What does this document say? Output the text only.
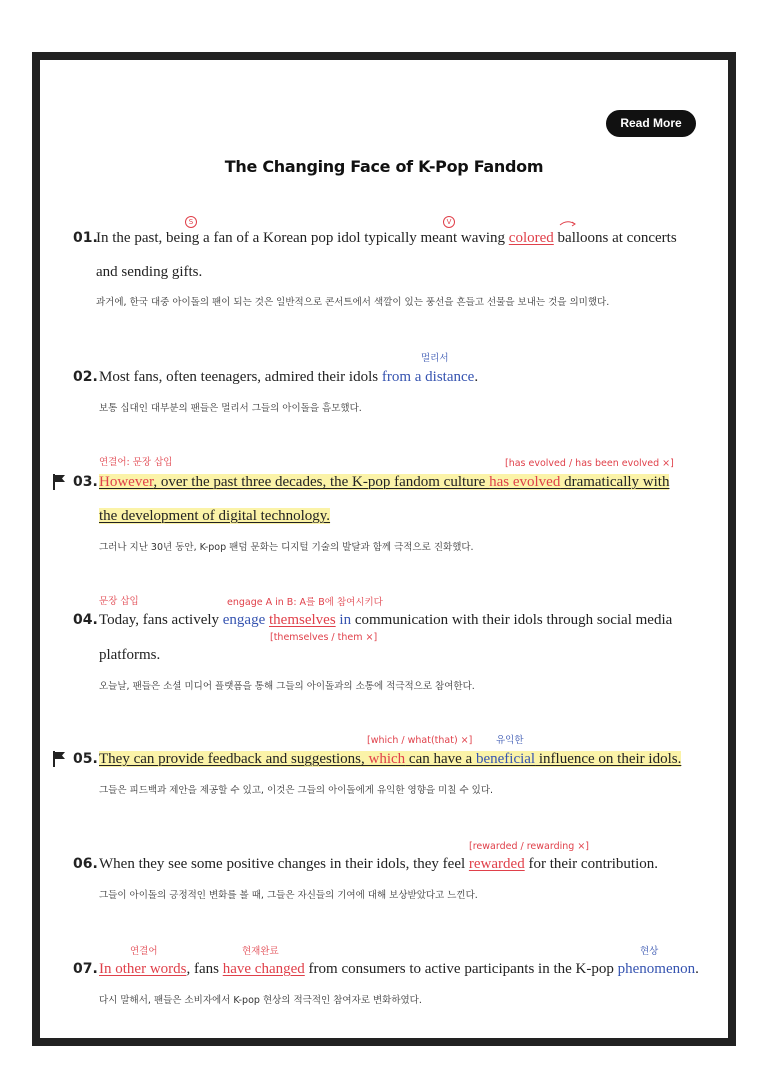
Read More
The Changing Face of K-Pop Fandom
S	V
01.
In the past, being a fan of a Korean pop idol typically meant waving colored balloons at concerts
and sending gifts.
과거에, 한국 대중 아이돌의 팬이 되는 것은 일반적으로 콘서트에서 색깔이 있는 풍선을 흔들고 선물을 보내는 것을 의미했다.
멀리서
02. Most fans, often teenagers, admired their idols from a distance.
보통 십대인 대부분의 팬들은 멀리서 그들의 아이돌을 흠모했다.
연결어: 문장 삽입	[has evolved / has been evolved ×]
03. However, over the past three decades, the K-pop fandom culture has evolved dramatically with
the development of digital technology.
그러나 지난 30년 동안, K-pop 팬덤 문화는 디지털 기술의 발달과 함께 극적으로 진화했다.
문장 삽입	engage A in B: A를 B에 참여시키다
04. Today, fans actively engage themselves in communication with their idols through social media
[themselves / them ×]
platforms.
오늘날, 팬들은 소셜 미디어 플랫폼을 통해 그들의 아이돌과의 소통에 적극적으로 참여한다.
[which / what(that) ×] 유익한
05. They can provide feedback and suggestions, which can have a beneficial influence on their idols.
그들은 피드백과 제안을 제공할 수 있고, 이것은 그들의 아이돌에게 유익한 영향을 미칠 수 있다.
[rewarded / rewarding ×]
06. When they see some positive changes in their idols, they feel rewarded for their contribution.
그들이 아이돌의 긍정적인 변화를 볼 때, 그들은 자신들의 기여에 대해 보상받았다고 느낀다.
연결어	현재완료	현상
07. In other words, fans have changed from consumers to active participants in the K-pop phenomenon.
다시 말해서, 팬들은 소비자에서 K-pop 현상의 적극적인 참여자로 변화하였다.
